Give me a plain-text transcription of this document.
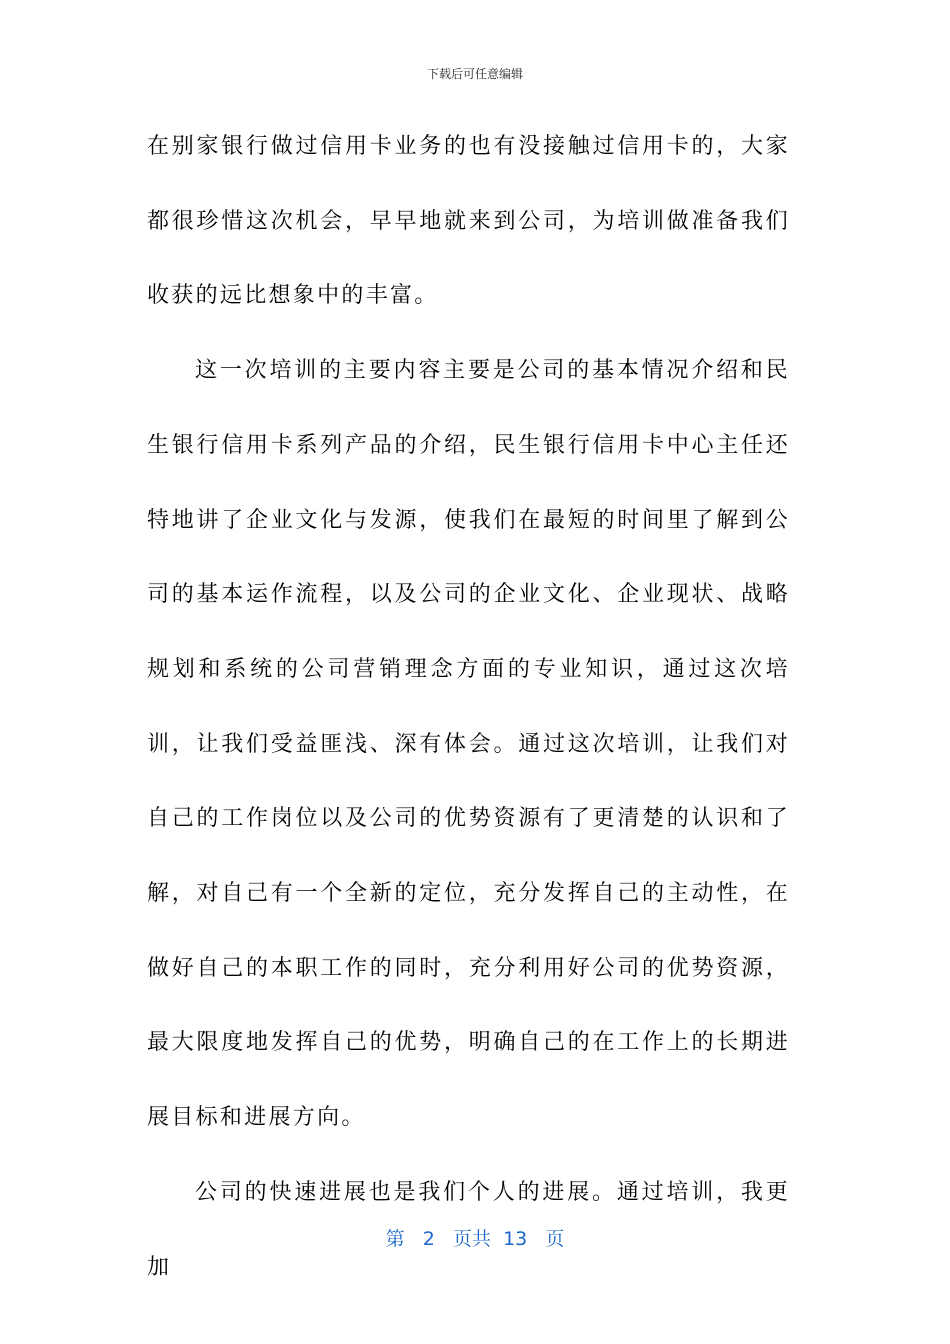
下载后可任意编辑

在别家银行做过信用卡业务的也有没接触过信用卡的，大家都很珍惜这次机会，早早地就来到公司，为培训做准备我们收获的远比想象中的丰富。

这一次培训的主要内容主要是公司的基本情况介绍和民生银行信用卡系列产品的介绍，民生银行信用卡中心主任还特地讲了企业文化与发源，使我们在最短的时间里了解到公司的基本运作流程，以及公司的企业文化、企业现状、战略规划和系统的公司营销理念方面的专业知识，通过这次培训，让我们受益匪浅、深有体会。通过这次培训，让我们对自己的工作岗位以及公司的优势资源有了更清楚的认识和了解，对自己有一个全新的定位，充分发挥自己的主动性，在做好自己的本职工作的同时，充分利用好公司的优势资源，最大限度地发挥自己的优势，明确自己的在工作上的长期进展目标和进展方向。

公司的快速进展也是我们个人的进展。通过培训，我更加

第 2 页共 13 页
